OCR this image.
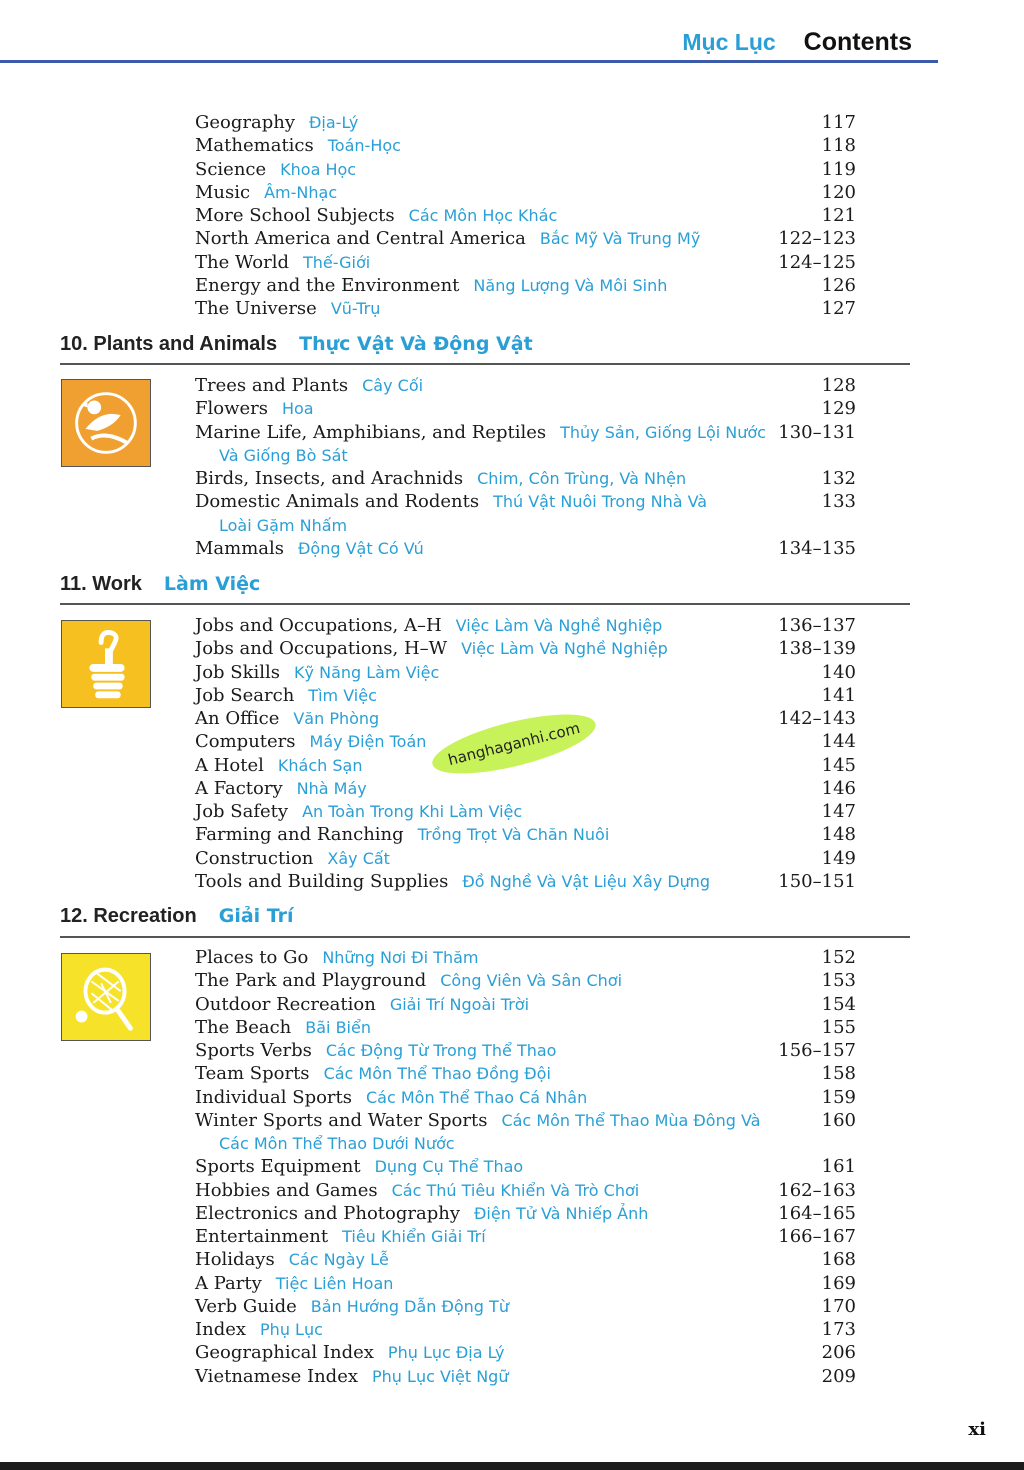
Mục Lục Contents
Geography Địa-Lý	117
Mathematics Toán-Học	118
Science Khoa Học	119
Music Âm-Nhạc	120
More School Subjects Các Môn Học Khác	121
North America and Central America Bắc Mỹ Và Trung Mỹ	122–123
The World Thế-Giới	124–125
Energy and the Environment Năng Lượng Và Môi Sinh	126
The Universe Vũ-Trụ	127
10. Plants and Animals Thực Vật Và Động Vật
Trees and Plants Cây Cối	128
Flowers Hoa	129
Marine Life, Amphibians, and Reptiles Thủy Sản, Giống Lội Nước 130–131
Và Giống Bò Sát
Birds, Insects, and Arachnids Chim, Côn Trùng, Và Nhện	132
Domestic Animals and Rodents Thú Vật Nuôi Trong Nhà Và	133
Loài Gặm Nhấm
Mammals Động Vật Có Vú	134–135
11. Work Làm Việc
Jobs and Occupations, A–H Việc Làm Và Nghề Nghiệp	136–137
Jobs and Occupations, H–W Việc Làm Và Nghề Nghiệp	138–139
Job Skills Kỹ Năng Làm Việc	140
Job Search Tìm Việc	141
An Office Văn Phòng	142–143
Computers Máy Điện Toán	144
A Hotel Khách Sạn	145
A Factory Nhà Máy	146
Job Safety An Toàn Trong Khi Làm Việc	147
Farming and Ranching Trồng Trọt Và Chăn Nuôi	148
Construction Xây Cất	149
Tools and Building Supplies Đồ Nghề Và Vật Liệu Xây Dựng	150–151
12. Recreation Giải Trí
Places to Go Những Nơi Đi Thăm	152
The Park and Playground Công Viên Và Sân Chơi	153
Outdoor Recreation Giải Trí Ngoài Trời	154
The Beach Bãi Biển	155
Sports Verbs Các Động Từ Trong Thể Thao	156–157
Team Sports Các Môn Thể Thao Đồng Đội	158
Individual Sports Các Môn Thể Thao Cá Nhân	159
Winter Sports and Water Sports Các Môn Thể Thao Mùa Đông Và	160
Các Môn Thể Thao Dưới Nước
Sports Equipment Dụng Cụ Thể Thao	161
Hobbies and Games Các Thú Tiêu Khiển Và Trò Chơi	162–163
Electronics and Photography Điện Tử Và Nhiếp Ảnh	164–165
Entertainment Tiêu Khiển Giải Trí	166–167
Holidays Các Ngày Lễ	168
A Party Tiệc Liên Hoan	169
Verb Guide Bản Hướng Dẫn Động Từ	170
Index Phụ Lục	173
Geographical Index Phụ Lục Địa Lý	206
Vietnamese Index Phụ Lục Việt Ngữ	209
hanghaganhi.com
xi
